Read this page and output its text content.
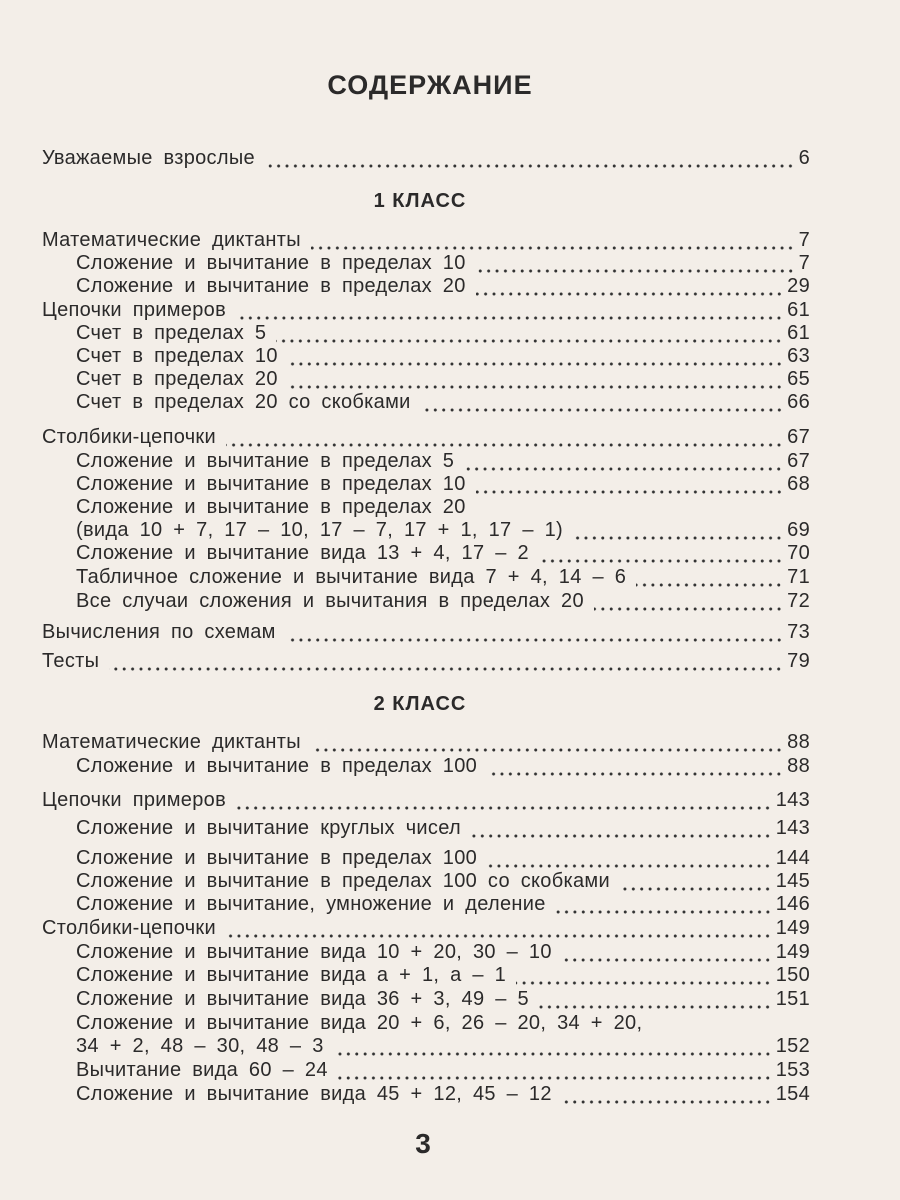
СОДЕРЖАНИЕ
Уважаемые взрослые	6
1 КЛАСС
Математические диктанты	7
Сложение и вычитание в пределах 10	7
Сложение и вычитание в пределах 20	29
Цепочки примеров	61
Счет в пределах 5	61
Счет в пределах 10	63
Счет в пределах 20	65
Счет в пределах 20 со скобками	66
Столбики-цепочки	67
Сложение и вычитание в пределах 5	67
Сложение и вычитание в пределах 10	68
Сложение и вычитание в пределах 20
(вида 10 + 7, 17 – 10, 17 – 7, 17 + 1, 17 – 1)	69
Сложение и вычитание вида 13 + 4, 17 – 2	70
Табличное сложение и вычитание вида 7 + 4, 14 – 6	71
Все случаи сложения и вычитания в пределах 20	72
Вычисления по схемам	73
Тесты	79
2 КЛАСС
Математические диктанты	88
Сложение и вычитание в пределах 100	88
Цепочки примеров	143
Сложение и вычитание круглых чисел	143
Сложение и вычитание в пределах 100	144
Сложение и вычитание в пределах 100 со скобками	145
Сложение и вычитание, умножение и деление	146
Столбики-цепочки	149
Сложение и вычитание вида 10 + 20, 30 – 10	149
Сложение и вычитание вида а + 1, а – 1	150
Сложение и вычитание вида 36 + 3, 49 – 5	151
Сложение и вычитание вида 20 + 6, 26 – 20, 34 + 20,
34 + 2, 48 – 30, 48 – 3	152
Вычитание вида 60 – 24	153
Сложение и вычитание вида 45 + 12, 45 – 12	154
3
